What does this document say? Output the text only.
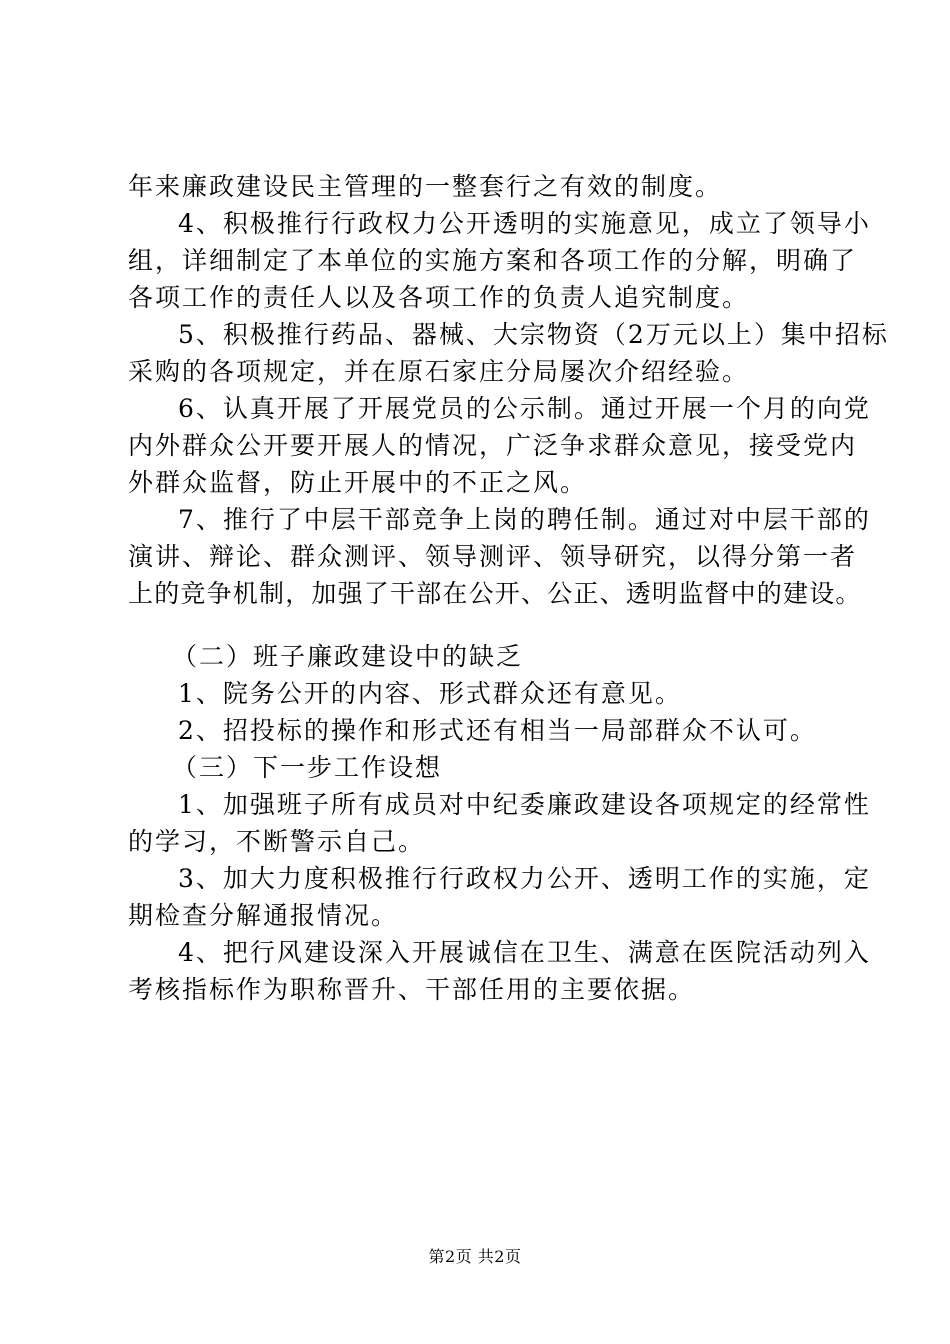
年来廉政建设民主管理的一整套行之有效的制度。
4、积极推行行政权力公开透明的实施意见，成立了领导小
组，详细制定了本单位的实施方案和各项工作的分解，明确了
各项工作的责任人以及各项工作的负责人追究制度。
5、积极推行药品、器械、大宗物资（2万元以上）集中招标
采购的各项规定，并在原石家庄分局屡次介绍经验。
6、认真开展了开展党员的公示制。通过开展一个月的向党
内外群众公开要开展人的情况，广泛争求群众意见，接受党内
外群众监督，防止开展中的不正之风。
7、推行了中层干部竞争上岗的聘任制。通过对中层干部的
演讲、辩论、群众测评、领导测评、领导研究，以得分第一者
上的竞争机制，加强了干部在公开、公正、透明监督中的建设。
（二）班子廉政建设中的缺乏
1、院务公开的内容、形式群众还有意见。
2、招投标的操作和形式还有相当一局部群众不认可。
（三）下一步工作设想
1、加强班子所有成员对中纪委廉政建设各项规定的经常性
的学习，不断警示自己。
3、加大力度积极推行行政权力公开、透明工作的实施，定
期检查分解通报情况。
4、把行风建设深入开展诚信在卫生、满意在医院活动列入
考核指标作为职称晋升、干部任用的主要依据。
第2页 共2页
